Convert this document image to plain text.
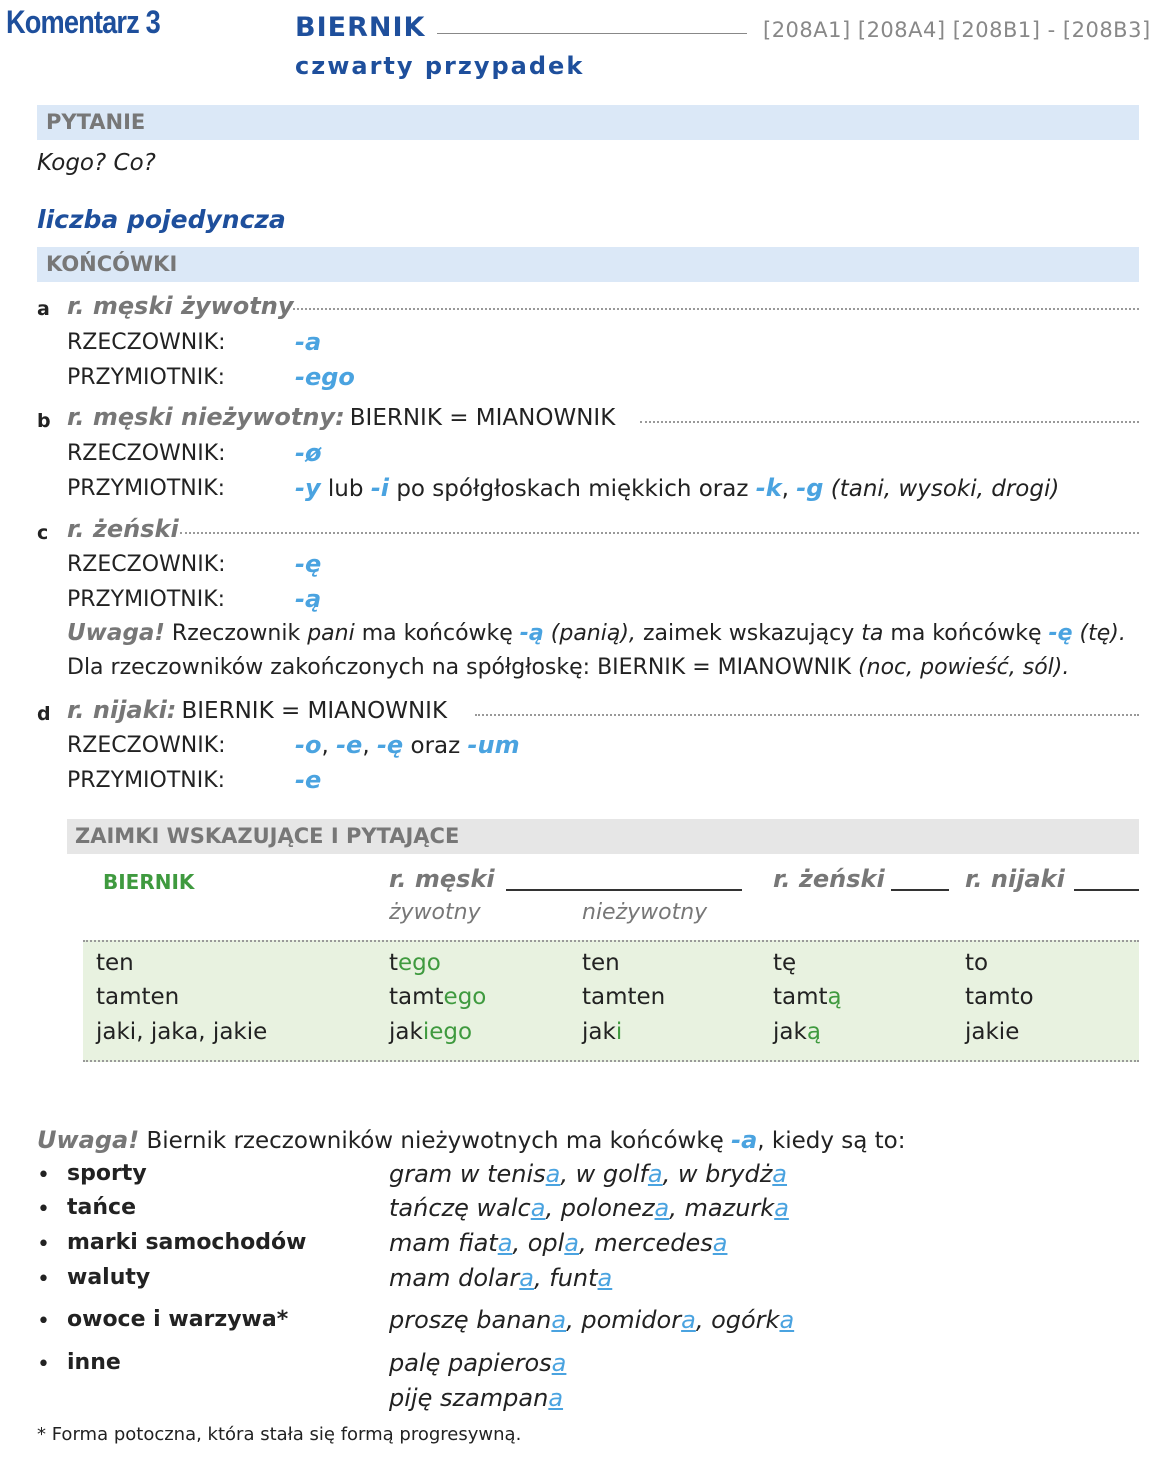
Komentarz 3	BIERNIK	[208A1] [208A4] [208B1] - [208B3]
czwarty przypadek
PYTANIE
Kogo? Co?
liczba pojedyncza
KOŃCÓWKI
a r. męski żywotny
RZECZOWNIK:	-a
PRZYMIOTNIK:	-ego
b r. męski nieżywotny: BIERNIK = MIANOWNIK
RZECZOWNIK:	-ø
PRZYMIOTNIK:	-y lub -i po spółgłoskach miękkich oraz -k, -g (tani, wysoki, drogi)
c r. żeński
RZECZOWNIK:	-ę
PRZYMIOTNIK:	-ą
Uwaga! Rzeczownik pani ma końcówkę -ą (panią), zaimek wskazujący ta ma końcówkę -ę (tę).
Dla rzeczowników zakończonych na spółgłoskę: BIERNIK = MIANOWNIK (noc, powieść, sól).
d r. nijaki: BIERNIK = MIANOWNIK
RZECZOWNIK:	-o, -e, -ę oraz -um
PRZYMIOTNIK:	-e
ZAIMKI WSKAZUJĄCE I PYTAJĄCE
BIERNIK	r. męski	r. żeński	r. nijaki
żywotny	nieżywotny
ten	tego	ten	tę	to
tamten	tamtego	tamten	tamtą	tamto
jaki, jaka, jakie	jakiego	jaki	jaką	jakie
Uwaga! Biernik rzeczowników nieżywotnych ma końcówkę -a, kiedy są to:
• sporty	gram w tenisa, w golfa, w brydża
• tańce	tańczę walca, poloneza, mazurka
• marki samochodów	mam fiata, opla, mercedesa
• waluty	mam dolara, funta
• owoce i warzywa*	proszę banana, pomidora, ogórka
• inne	palę papierosa
piję szampana
* Forma potoczna, która stała się formą progresywną.
